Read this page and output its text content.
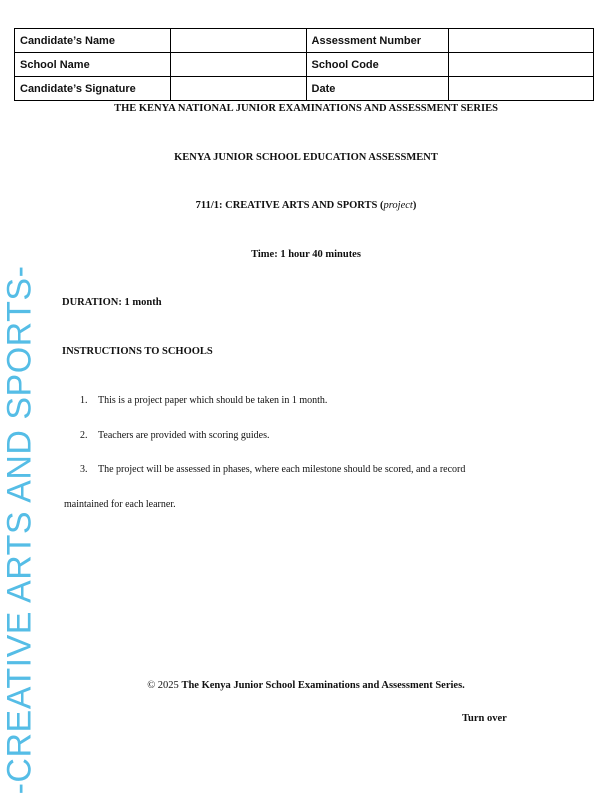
Candidate’s Name		Assessment Number	
School Name		School Code	
Candidate’s Signature		Date	
THE KENYA NATIONAL JUNIOR EXAMINATIONS AND ASSESSMENT SERIES
KENYA JUNIOR SCHOOL EDUCATION ASSESSMENT
711/1: CREATIVE ARTS AND SPORTS (project)
Time: 1 hour 40 minutes
DURATION: 1 month
INSTRUCTIONS TO SCHOOLS
1. This is a project paper which should be taken in 1 month.
2. Teachers are provided with scoring guides.
3. The project will be assessed in phases, where each milestone should be scored, and a record
maintained for each learner.
© 2025 The Kenya Junior School Examinations and Assessment Series.
Turn over
-CREATIVE ARTS AND SPORTS-
